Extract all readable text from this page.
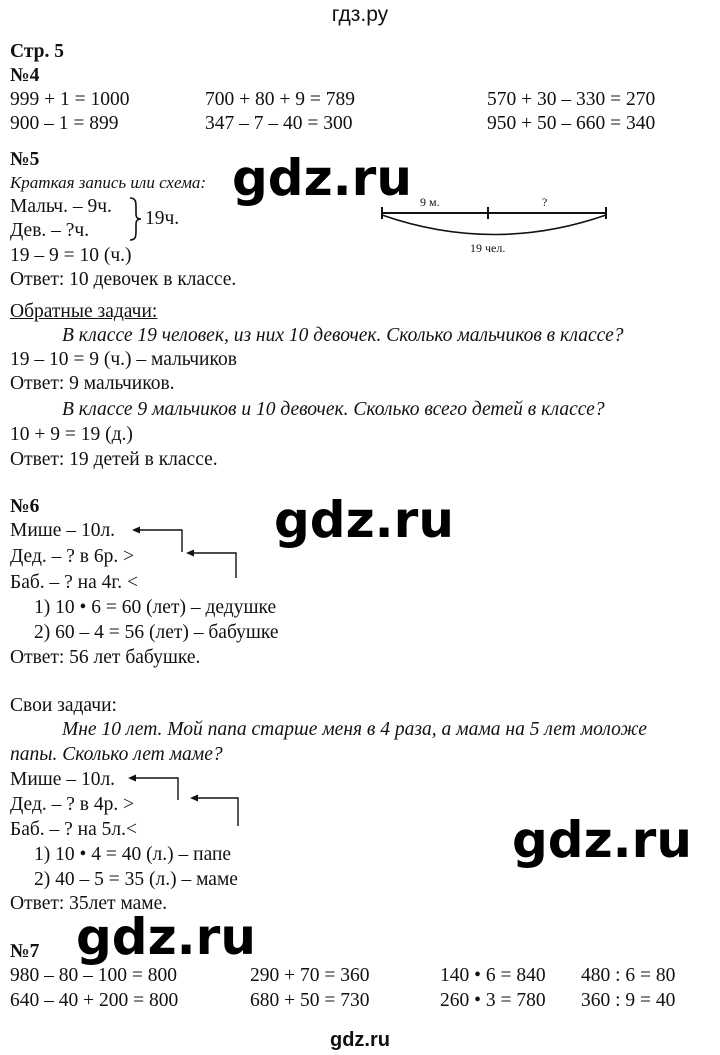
гдз.ру
Стр. 5
№4
999 + 1 = 1000	700 + 80 + 9 = 789	570 + 30 – 330 = 270
900 – 1 = 899	347 – 7 – 40 = 300	950 + 50 – 660 = 340
№5
Краткая запись или схема:
Мальч. – 9ч.
Дев. – ?ч.
19ч.
19 – 9 = 10 (ч.)
Ответ: 10 девочек в классе.
9 м.	?
19 чел.
Обратные задачи:
В классе 19 человек, из них 10 девочек. Сколько мальчиков в классе?
19 – 10 = 9 (ч.) – мальчиков
Ответ: 9 мальчиков.
В классе 9 мальчиков и 10 девочек. Сколько всего детей в классе?
10 + 9 = 19 (д.)
Ответ: 19 детей в классе.
№6
Мише – 10л.
Дед. – ? в 6р. >
Баб. – ? на 4г. <
1) 10 • 6 = 60 (лет) – дедушке
2) 60 – 4 = 56 (лет) – бабушке
Ответ: 56 лет бабушке.
Свои задачи:
Мне 10 лет. Мой папа старше меня в 4 раза, а мама на 5 лет моложе
папы. Сколько лет маме?
Мише – 10л.
Дед. – ? в 4р. >
Баб. – ? на 5л.<
1) 10 • 4 = 40 (л.) – папе
2) 40 – 5 = 35 (л.) – маме
Ответ: 35лет маме.
№7
980 – 80 – 100 = 800	290 + 70 = 360	140 • 6 = 840 480 : 6 = 80
640 – 40 + 200 = 800	680 + 50 = 730	260 • 3 = 780 360 : 9 = 40
gdz.ru
gdz.ru
gdz.ru
gdz.ru
gdz.ru
